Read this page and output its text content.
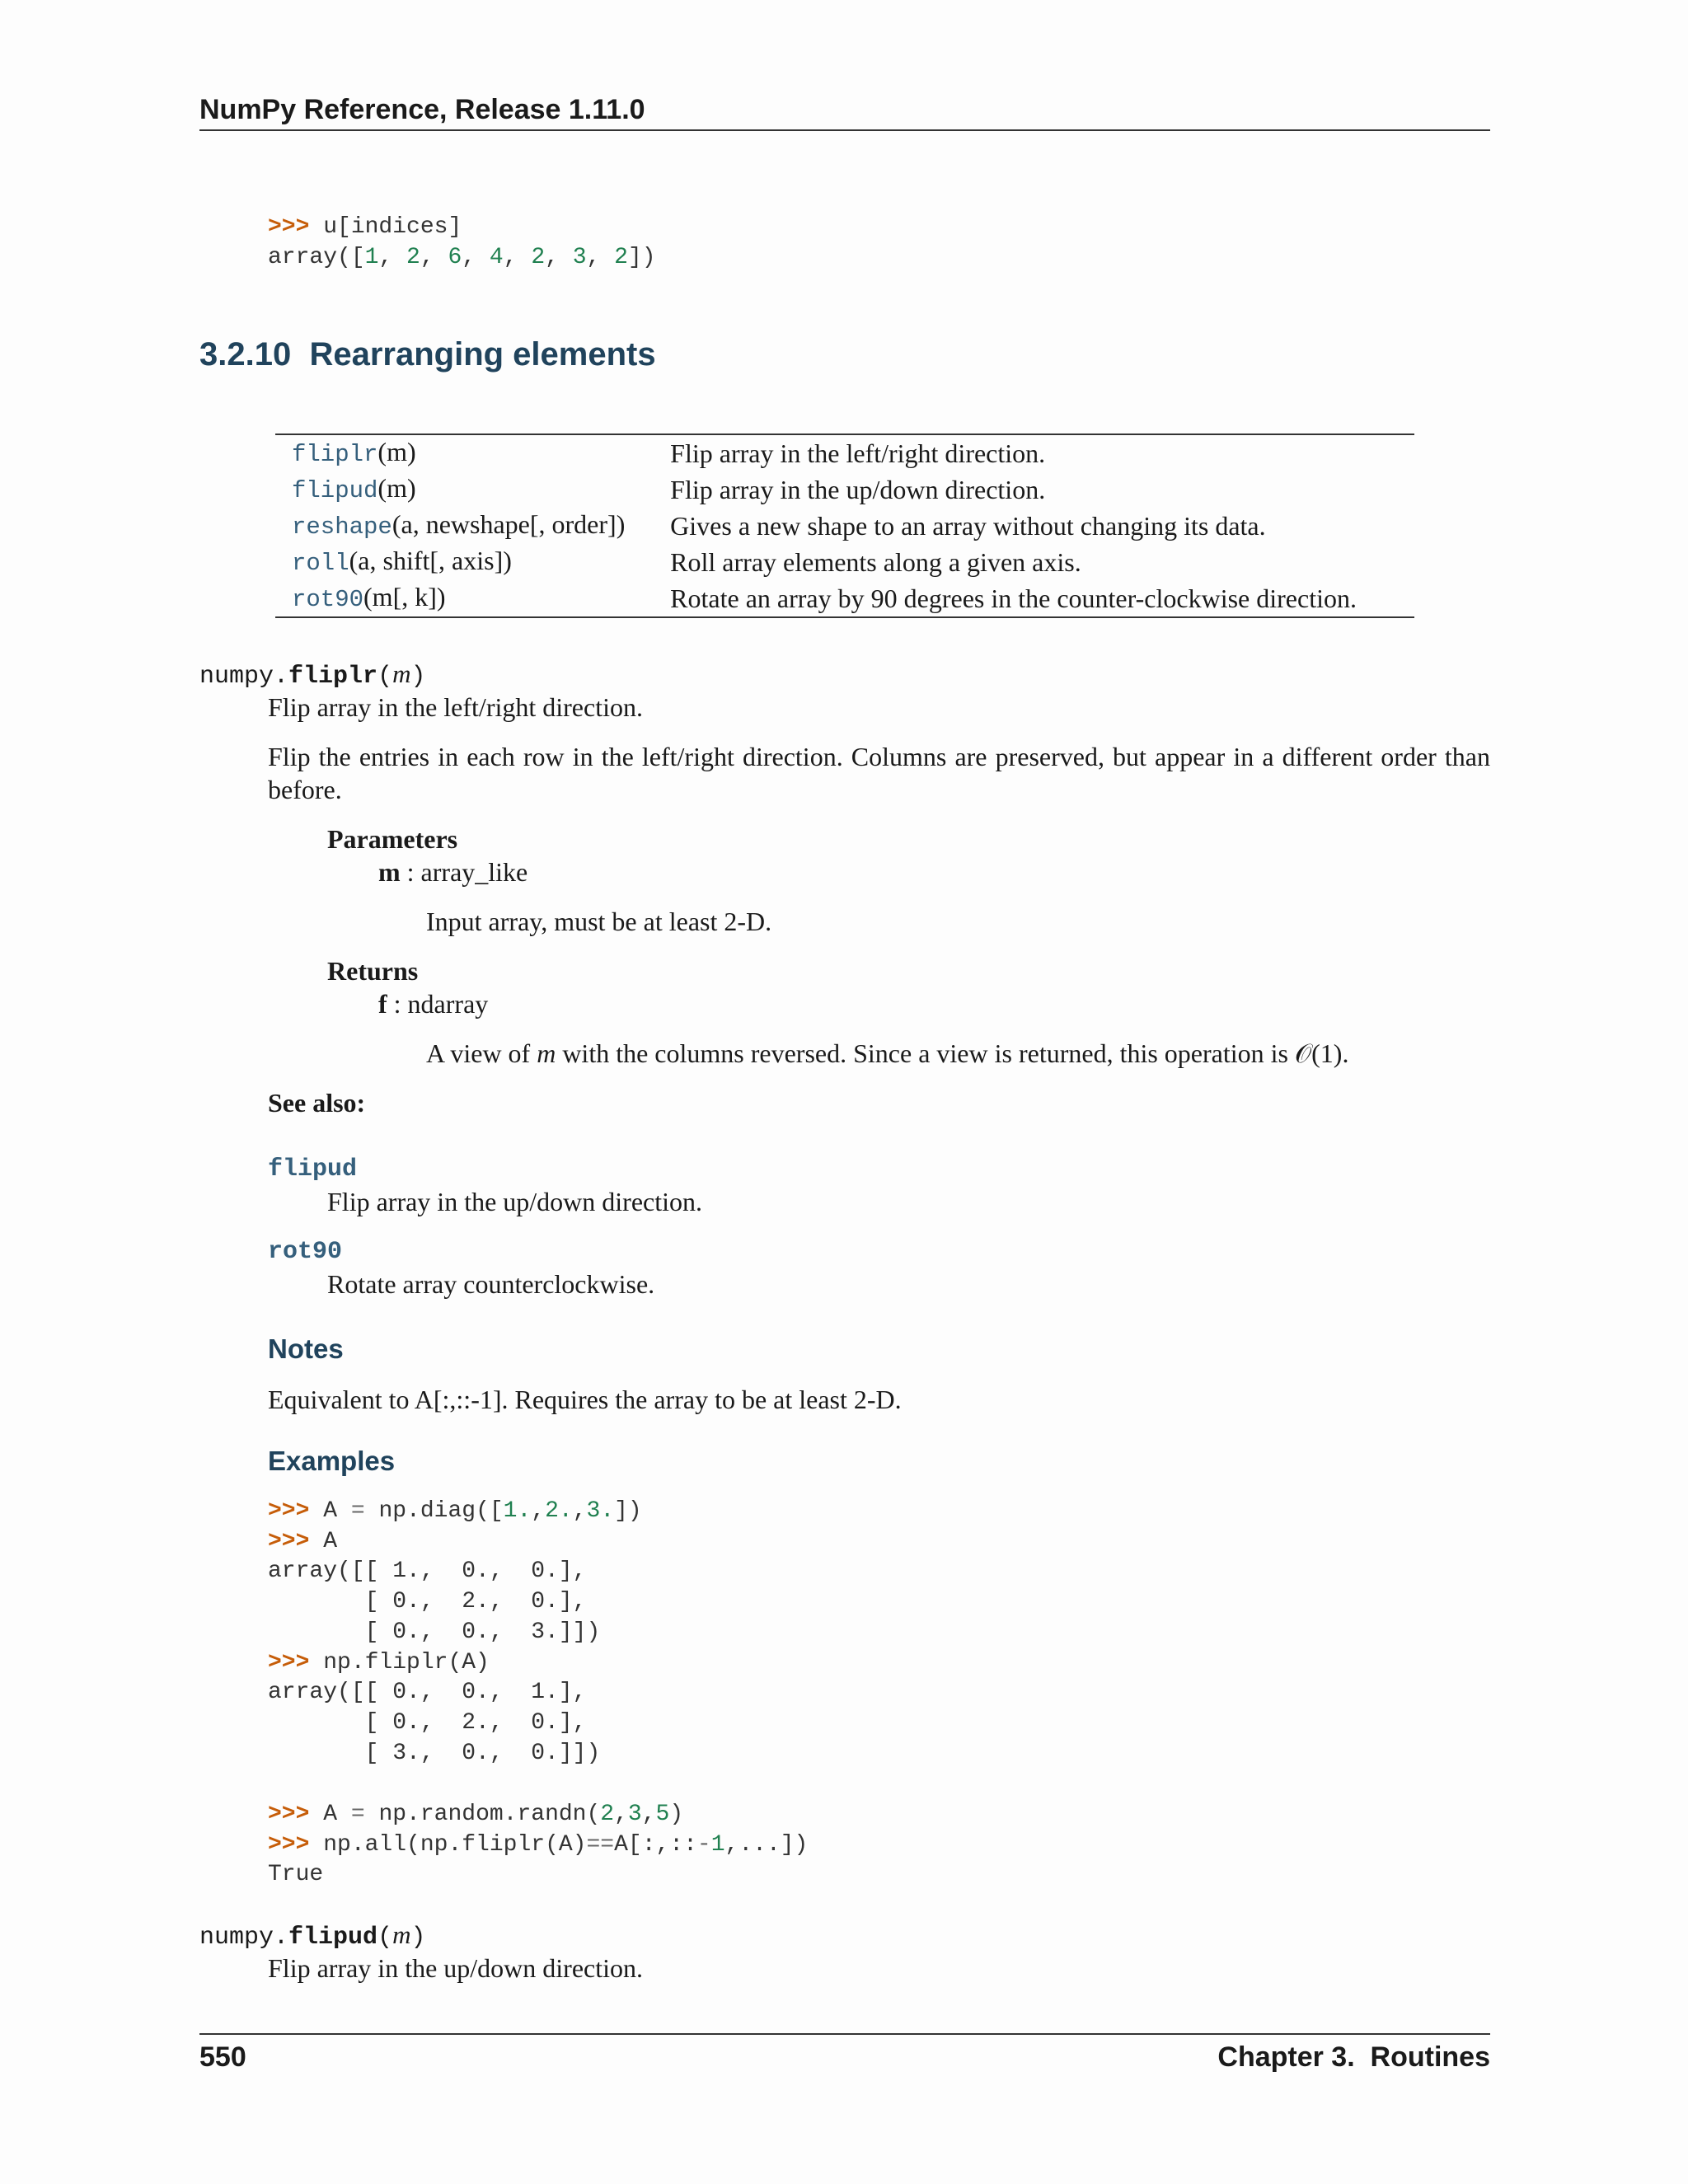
NumPy Reference, Release 1.11.0
>>> u[indices]
array([1, 2, 6, 4, 2, 3, 2])
3.2.10 Rearranging elements
fliplr(m)	Flip array in the left/right direction.
flipud(m)	Flip array in the up/down direction.
reshape(a, newshape[, order])	Gives a new shape to an array without changing its data.
roll(a, shift[, axis])	Roll array elements along a given axis.
rot90(m[, k])	Rotate an array by 90 degrees in the counter-clockwise direction.
numpy.fliplr(m)
Flip array in the left/right direction.
Flip the entries in each row in the left/right direction. Columns are preserved, but appear in a different order than before.
Parameters
m : array_like
Input array, must be at least 2-D.
Returns
f : ndarray
A view of m with the columns reversed. Since a view is returned, this operation is 𝒪(1).
See also:
flipud
Flip array in the up/down direction.
rot90
Rotate array counterclockwise.
Notes
Equivalent to A[:,::-1]. Requires the array to be at least 2-D.
Examples
>>> A = np.diag([1.,2.,3.])
>>> A
array([[ 1.,  0.,  0.],
[ 0.,  2.,  0.],
[ 0.,  0.,  3.]])
>>> np.fliplr(A)
array([[ 0.,  0.,  1.],
[ 0.,  2.,  0.],
[ 3.,  0.,  0.]])
>>> A = np.random.randn(2,3,5)
>>> np.all(np.fliplr(A)==A[:,::-1,...])
True
numpy.flipud(m)
Flip array in the up/down direction.
550	Chapter 3.  Routines
